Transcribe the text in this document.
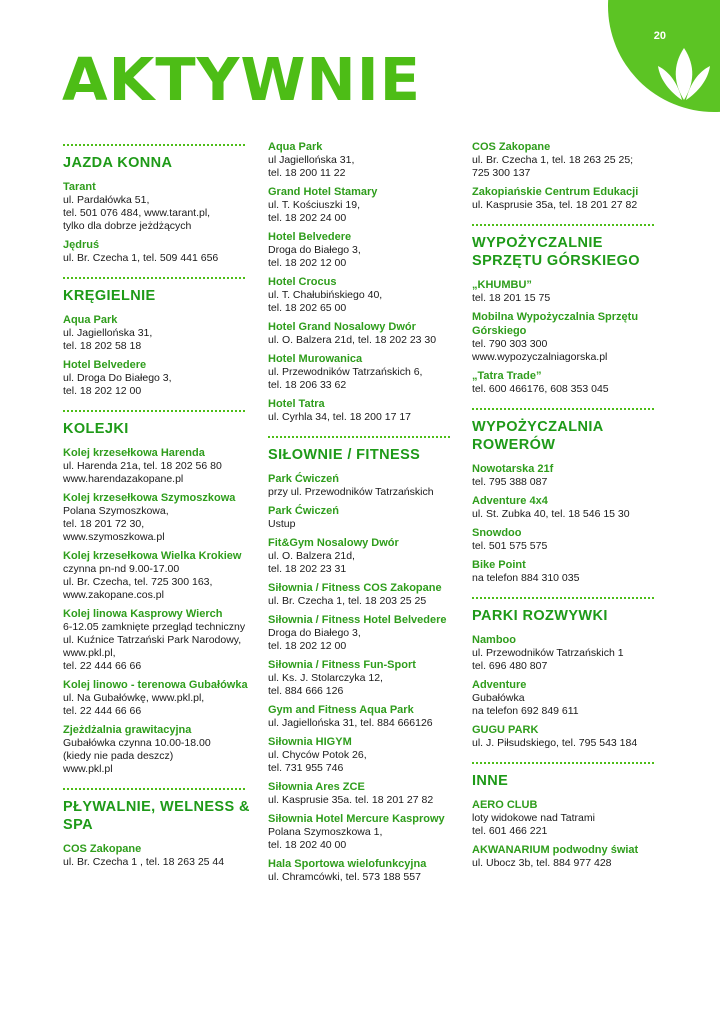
20
AKTYWNIE
JAZDA KONNA
Tarant
ul. Pardałówka 51,
tel. 501 076 484, www.tarant.pl,
tylko dla dobrze jeżdżących
Jędruś
ul. Br. Czecha 1, tel. 509 441 656
KRĘGIELNIE
Aqua Park
ul. Jagiellońska 31,
tel. 18 202 58 18
Hotel Belvedere
ul. Droga Do Białego 3,
tel. 18 202 12 00
KOLEJKI
Kolej krzesełkowa Harenda
ul. Harenda 21a, tel. 18 202 56 80
www.harendazakopane.pl
Kolej krzesełkowa Szymoszkowa
Polana Szymoszkowa,
tel. 18 201 72 30,
www.szymoszkowa.pl
Kolej krzesełkowa Wielka Krokiew
czynna pn-nd 9.00-17.00
ul. Br. Czecha, tel. 725 300 163,
www.zakopane.cos.pl
Kolej linowa Kasprowy Wierch
6-12.05 zamknięte przegląd techniczny
ul. Kuźnice Tatrzański Park Narodowy, www.pkl.pl,
tel. 22 444 66 66
Kolej linowo - terenowa Gubałówka
ul. Na Gubałówkę, www.pkl.pl,
tel. 22 444 66 66
Zjeżdżalnia grawitacyjna
Gubałówka czynna 10.00-18.00
(kiedy nie pada deszcz)
www.pkl.pl
PŁYWALNIE, WELNESS & SPA
COS Zakopane
ul. Br. Czecha 1 , tel. 18 263 25 44
Aqua Park
ul Jagiellońska 31,
tel. 18 200 11 22
Grand Hotel Stamary
ul. T. Kościuszki 19,
tel. 18 202 24 00
Hotel Belvedere
Droga do Białego 3,
tel. 18 202 12 00
Hotel Crocus
ul. T. Chałubińskiego 40,
tel. 18 202 65 00
Hotel Grand Nosalowy Dwór
ul. O. Balzera 21d, tel. 18 202 23 30
Hotel Murowanica
ul. Przewodników Tatrzańskich 6,
tel. 18 206 33 62
Hotel Tatra
ul. Cyrhla 34, tel. 18 200 17 17
SIŁOWNIE / FITNESS
Park Ćwiczeń
przy ul. Przewodników Tatrzańskich
Park Ćwiczeń
Ustup
Fit&Gym Nosalowy Dwór
ul. O. Balzera 21d,
tel. 18 202 23 31
Siłownia / Fitness COS Zakopane
ul. Br. Czecha 1, tel. 18 203 25 25
Siłownia / Fitness Hotel Belvedere
Droga do Białego 3,
tel. 18 202 12 00
Siłownia / Fitness Fun-Sport
ul. Ks. J. Stolarczyka 12,
tel. 884 666 126
Gym and Fitness Aqua Park
ul. Jagiellońska 31, tel. 884 666126
Siłownia HIGYM
ul. Chyców Potok 26,
tel. 731 955 746
Siłownia Ares ZCE
ul. Kasprusie 35a. tel. 18 201 27 82
Siłownia Hotel Mercure Kasprowy
Polana Szymoszkowa 1,
tel. 18 202 40 00
Hala Sportowa wielofunkcyjna
ul. Chramcówki, tel. 573 188 557
COS Zakopane
ul. Br. Czecha 1, tel. 18 263 25 25;
725 300 137
Zakopiańskie Centrum Edukacji
ul. Kasprusie 35a, tel. 18 201 27 82
WYPOŻYCZALNIE SPRZĘTU GÓRSKIEGO
„KHUMBU”
tel. 18 201 15 75
Mobilna Wypożyczalnia Sprzętu Górskiego
tel. 790 303 300
www.wypozyczalniagorska.pl
„Tatra Trade”
tel. 600 466176, 608 353 045
WYPOŻYCZALNIA ROWERÓW
Nowotarska 21f
tel. 795 388 087
Adventure 4x4
ul. St. Zubka 40, tel. 18 546 15 30
Snowdoo
tel. 501 575 575
Bike Point
na telefon 884 310 035
PARKI ROZWYWKI
Namboo
ul. Przewodników Tatrzańskich 1
tel. 696 480 807
Adventure
Gubałówka
na telefon 692 849 611
GUGU PARK
ul. J. Piłsudskiego, tel. 795 543 184
INNE
AERO CLUB
loty widokowe nad Tatrami
tel. 601 466 221
AKWANARIUM podwodny świat
ul. Ubocz 3b, tel. 884 977 428
